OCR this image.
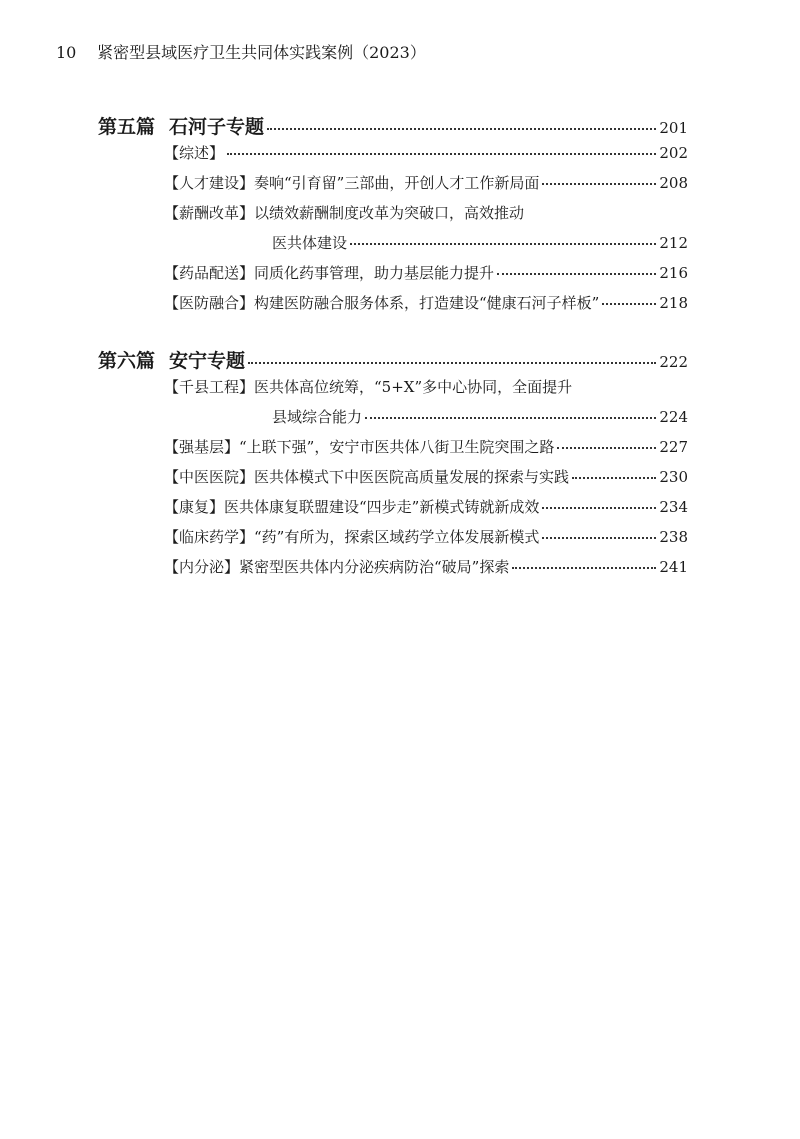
10 紧密型县域医疗卫生共同体实践案例（2023）
第五篇 石河子专题	201
【综述】	202
【人才建设】 奏响“引育留”三部曲，开创人才工作新局面	208
【薪酬改革】 以绩效薪酬制度改革为突破口，高效推动
医共体建设	212
【药品配送】 同质化药事管理，助力基层能力提升	216
【医防融合】 构建医防融合服务体系，打造建设“健康石河子样板”	218
第六篇 安宁专题	222
【千县工程】 医共体高位统筹，“5+X”多中心协同，全面提升
县域综合能力	224
【强基层】 “上联下强”，安宁市医共体八街卫生院突围之路	227
【中医医院】 医共体模式下中医医院高质量发展的探索与实践	230
【康复】 医共体康复联盟建设“四步走”新模式铸就新成效	234
【临床药学】 “药”有所为，探索区域药学立体发展新模式	238
【内分泌】 紧密型医共体内分泌疾病防治“破局”探索	241
